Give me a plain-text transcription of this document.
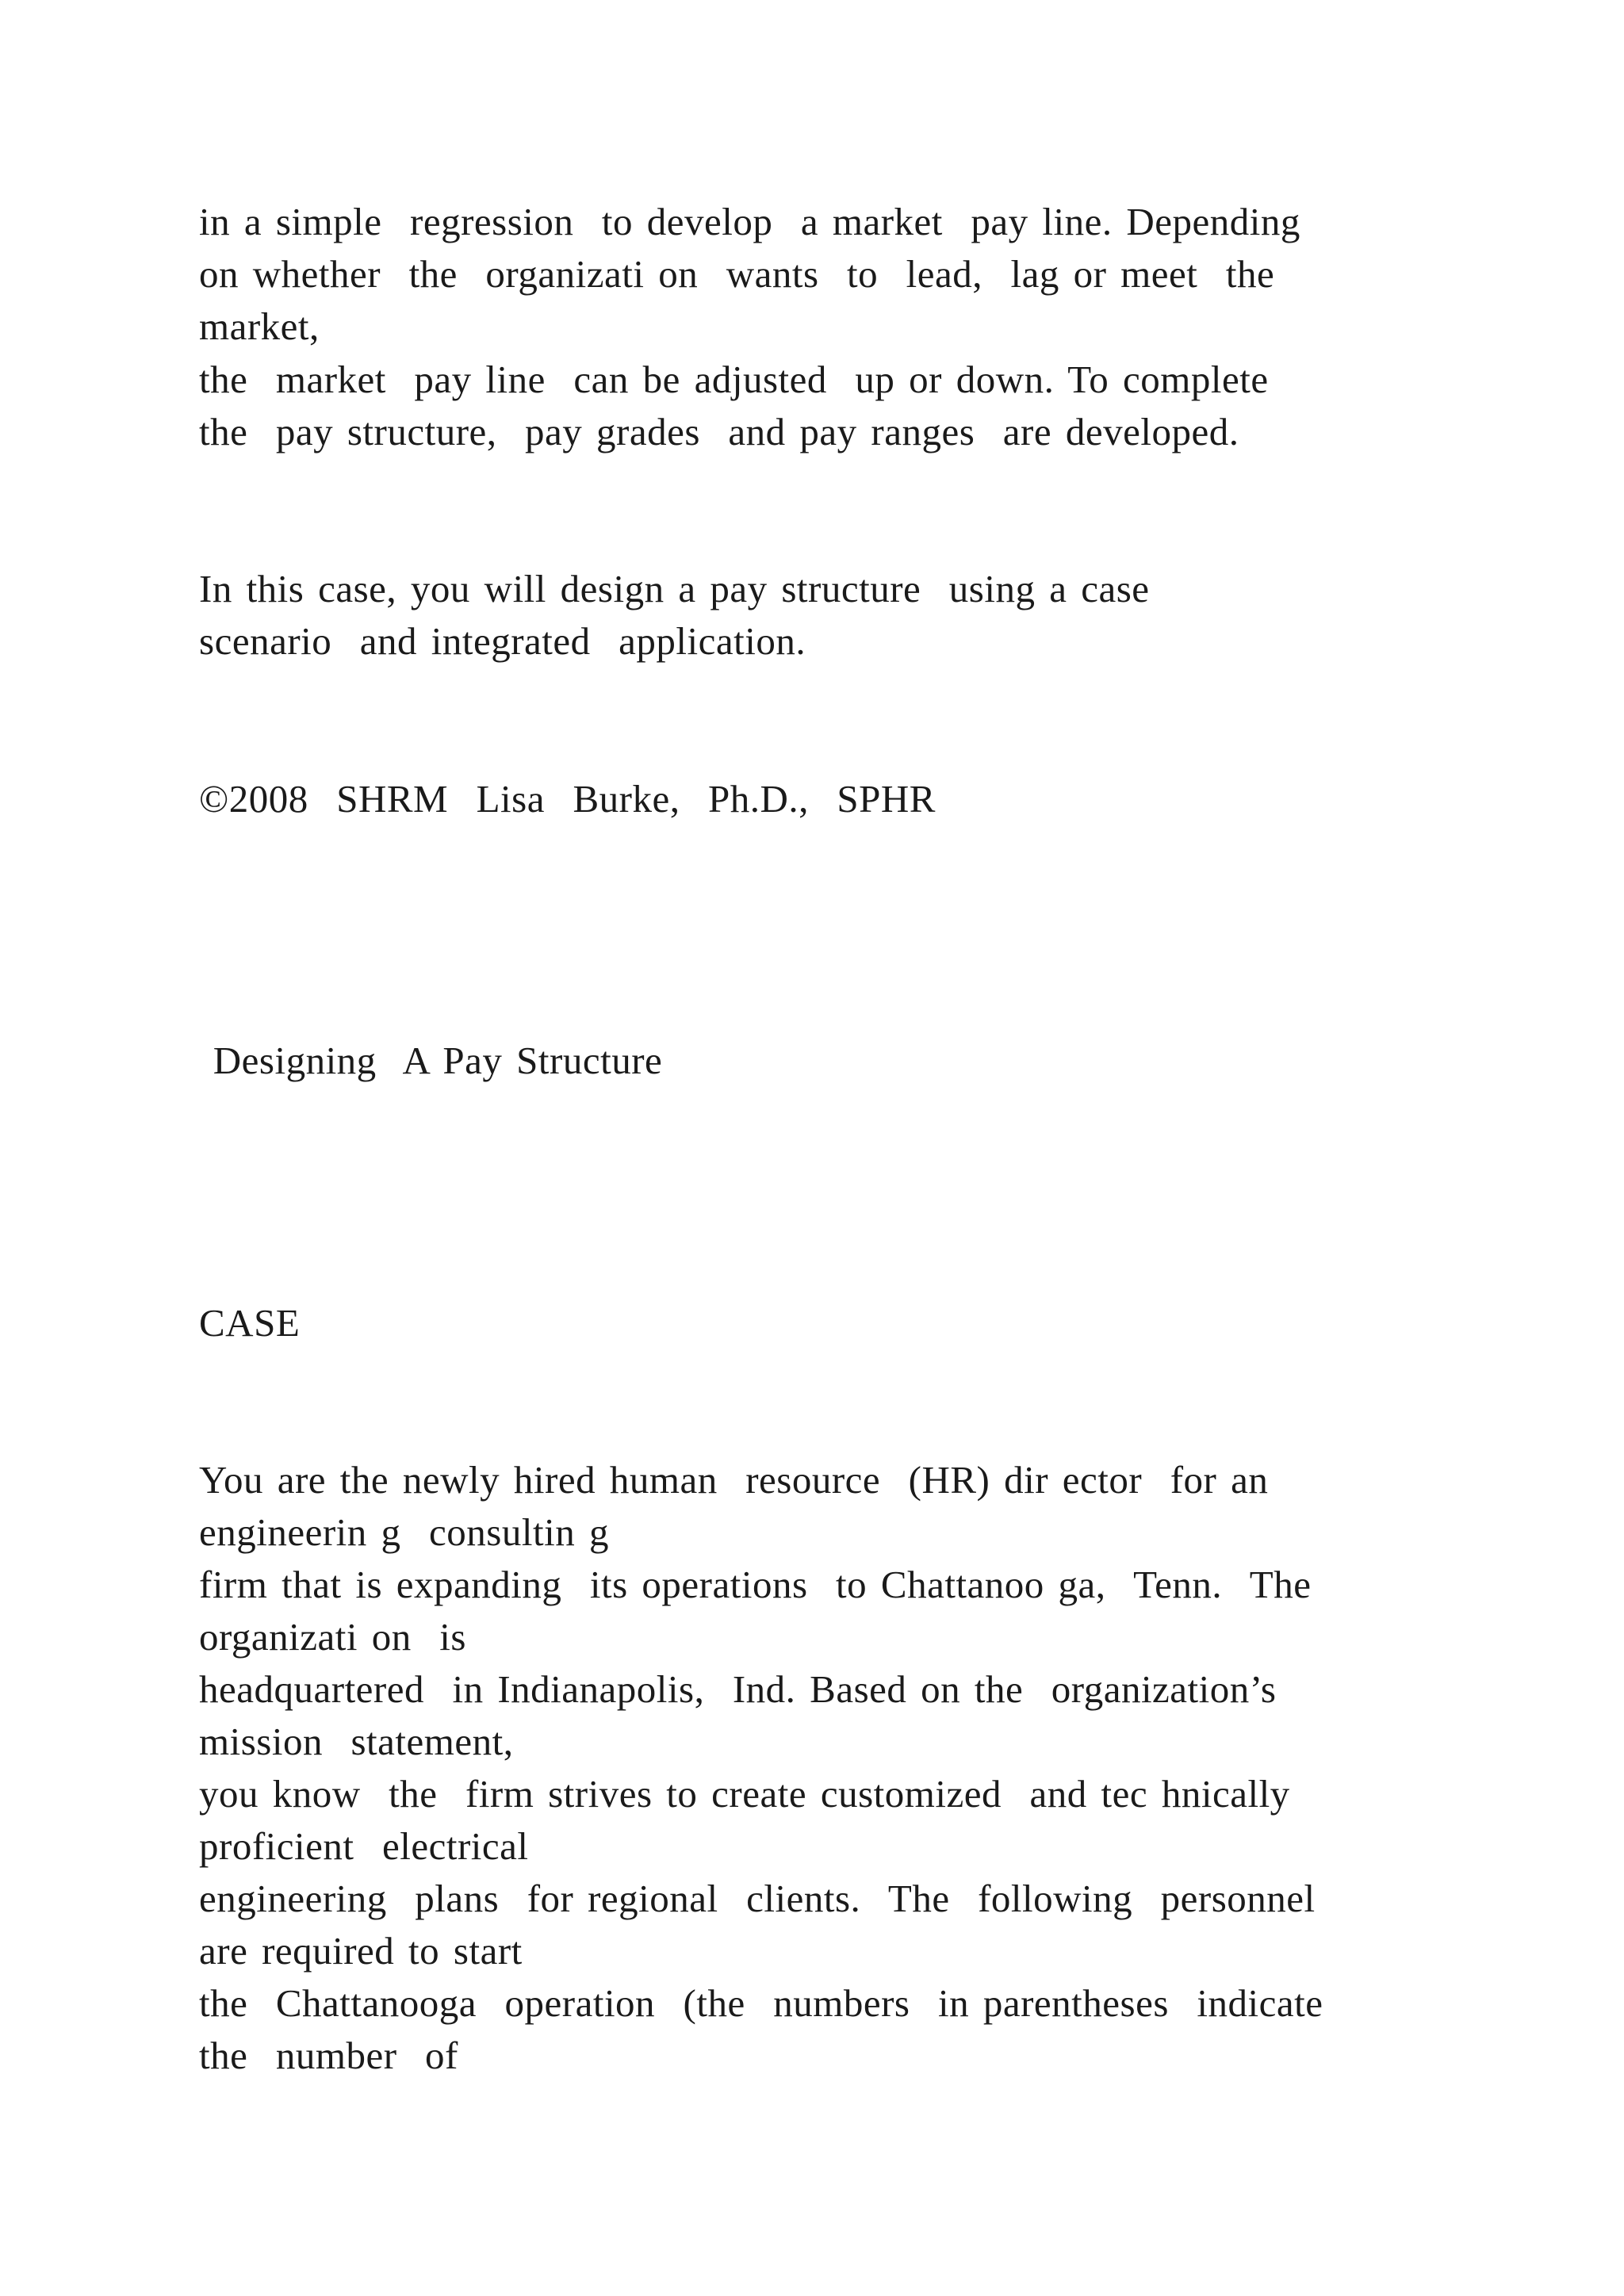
in a simple  regression  to develop  a market  pay line. Depending

on whether  the  organizati on  wants  to  lead,  lag or meet  the

market,

the  market  pay line  can be adjusted  up or down. To complete

the  pay structure,  pay grades  and pay ranges  are developed.

In this case, you will design a pay structure  using a case

scenario  and integrated  application.

©2008  SHRM  Lisa  Burke,  Ph.D.,  SPHR

Designing  A Pay Structure

CASE

You are the newly hired human  resource  (HR) dir ector  for an

engineerin g  consultin g

firm that is expanding  its operations  to Chattanoo ga,  Tenn.  The

organizati on  is

headquartered  in Indianapolis,  Ind. Based on the  organization’s

mission  statement,

you know  the  firm strives to create customized  and tec hnically

proficient  electrical

engineering  plans  for regional  clients.  The  following  personnel

are required to start

the  Chattanooga  operation  (the  numbers  in parentheses  indicate

the  number  of
